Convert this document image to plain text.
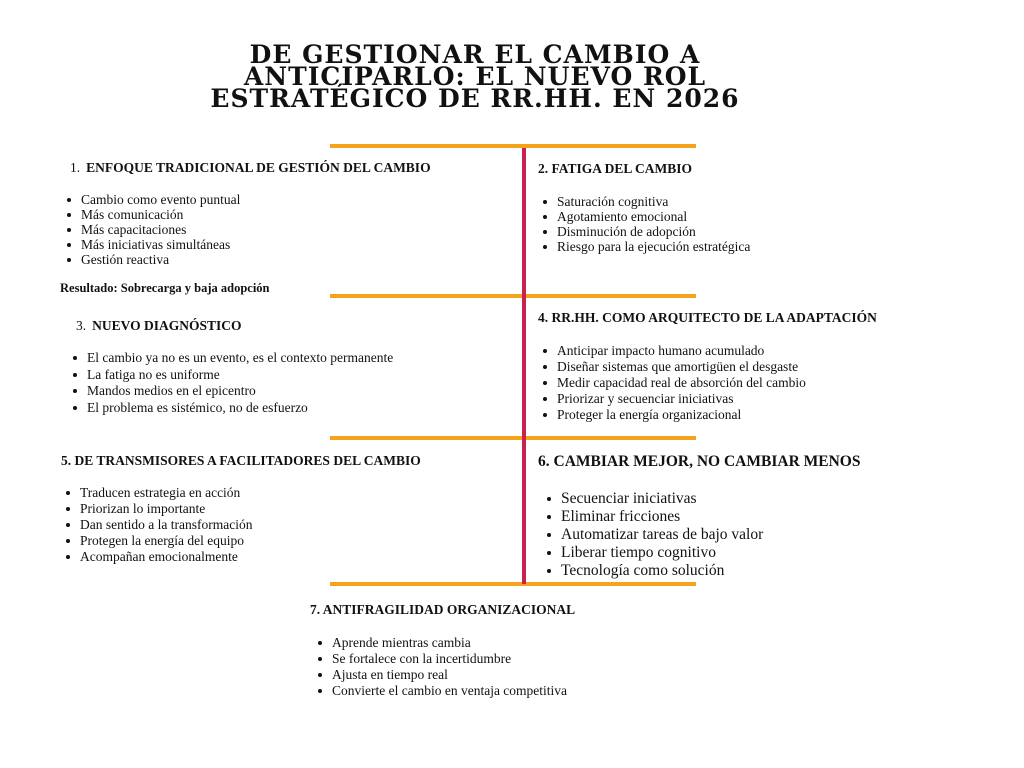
DE GESTIONAR EL CAMBIO A
ANTICIPARLO: EL NUEVO ROL
ESTRATÉGICO DE RR.HH. EN 2026
1. ENFOQUE TRADICIONAL DE GESTIÓN DEL CAMBIO
Cambio como evento puntual
Más comunicación
Más capacitaciones
Más iniciativas simultáneas
Gestión reactiva

Resultado: Sobrecarga y baja adopción

2. FATIGA DEL CAMBIO
Saturación cognitiva
Agotamiento emocional
Disminución de adopción
Riesgo para la ejecución estratégica
3. NUEVO DIAGNÓSTICO
El cambio ya no es un evento, es el contexto permanente
La fatiga no es uniforme
Mandos medios en el epicentro
El problema es sistémico, no de esfuerzo
4. RR.HH. COMO ARQUITECTO DE LA ADAPTACIÓN
Anticipar impacto humano acumulado
Diseñar sistemas que amortigüen el desgaste
Medir capacidad real de absorción del cambio
Priorizar y secuenciar iniciativas
Proteger la energía organizacional
5. DE TRANSMISORES A FACILITADORES DEL CAMBIO
Traducen estrategia en acción
Priorizan lo importante
Dan sentido a la transformación
Protegen la energía del equipo
Acompañan emocionalmente
6. CAMBIAR MEJOR, NO CAMBIAR MENOS
Secuenciar iniciativas
Eliminar fricciones
Automatizar tareas de bajo valor
Liberar tiempo cognitivo
Tecnología como solución
7. ANTIFRAGILIDAD ORGANIZACIONAL
Aprende mientras cambia
Se fortalece con la incertidumbre
Ajusta en tiempo real
Convierte el cambio en ventaja competitiva
